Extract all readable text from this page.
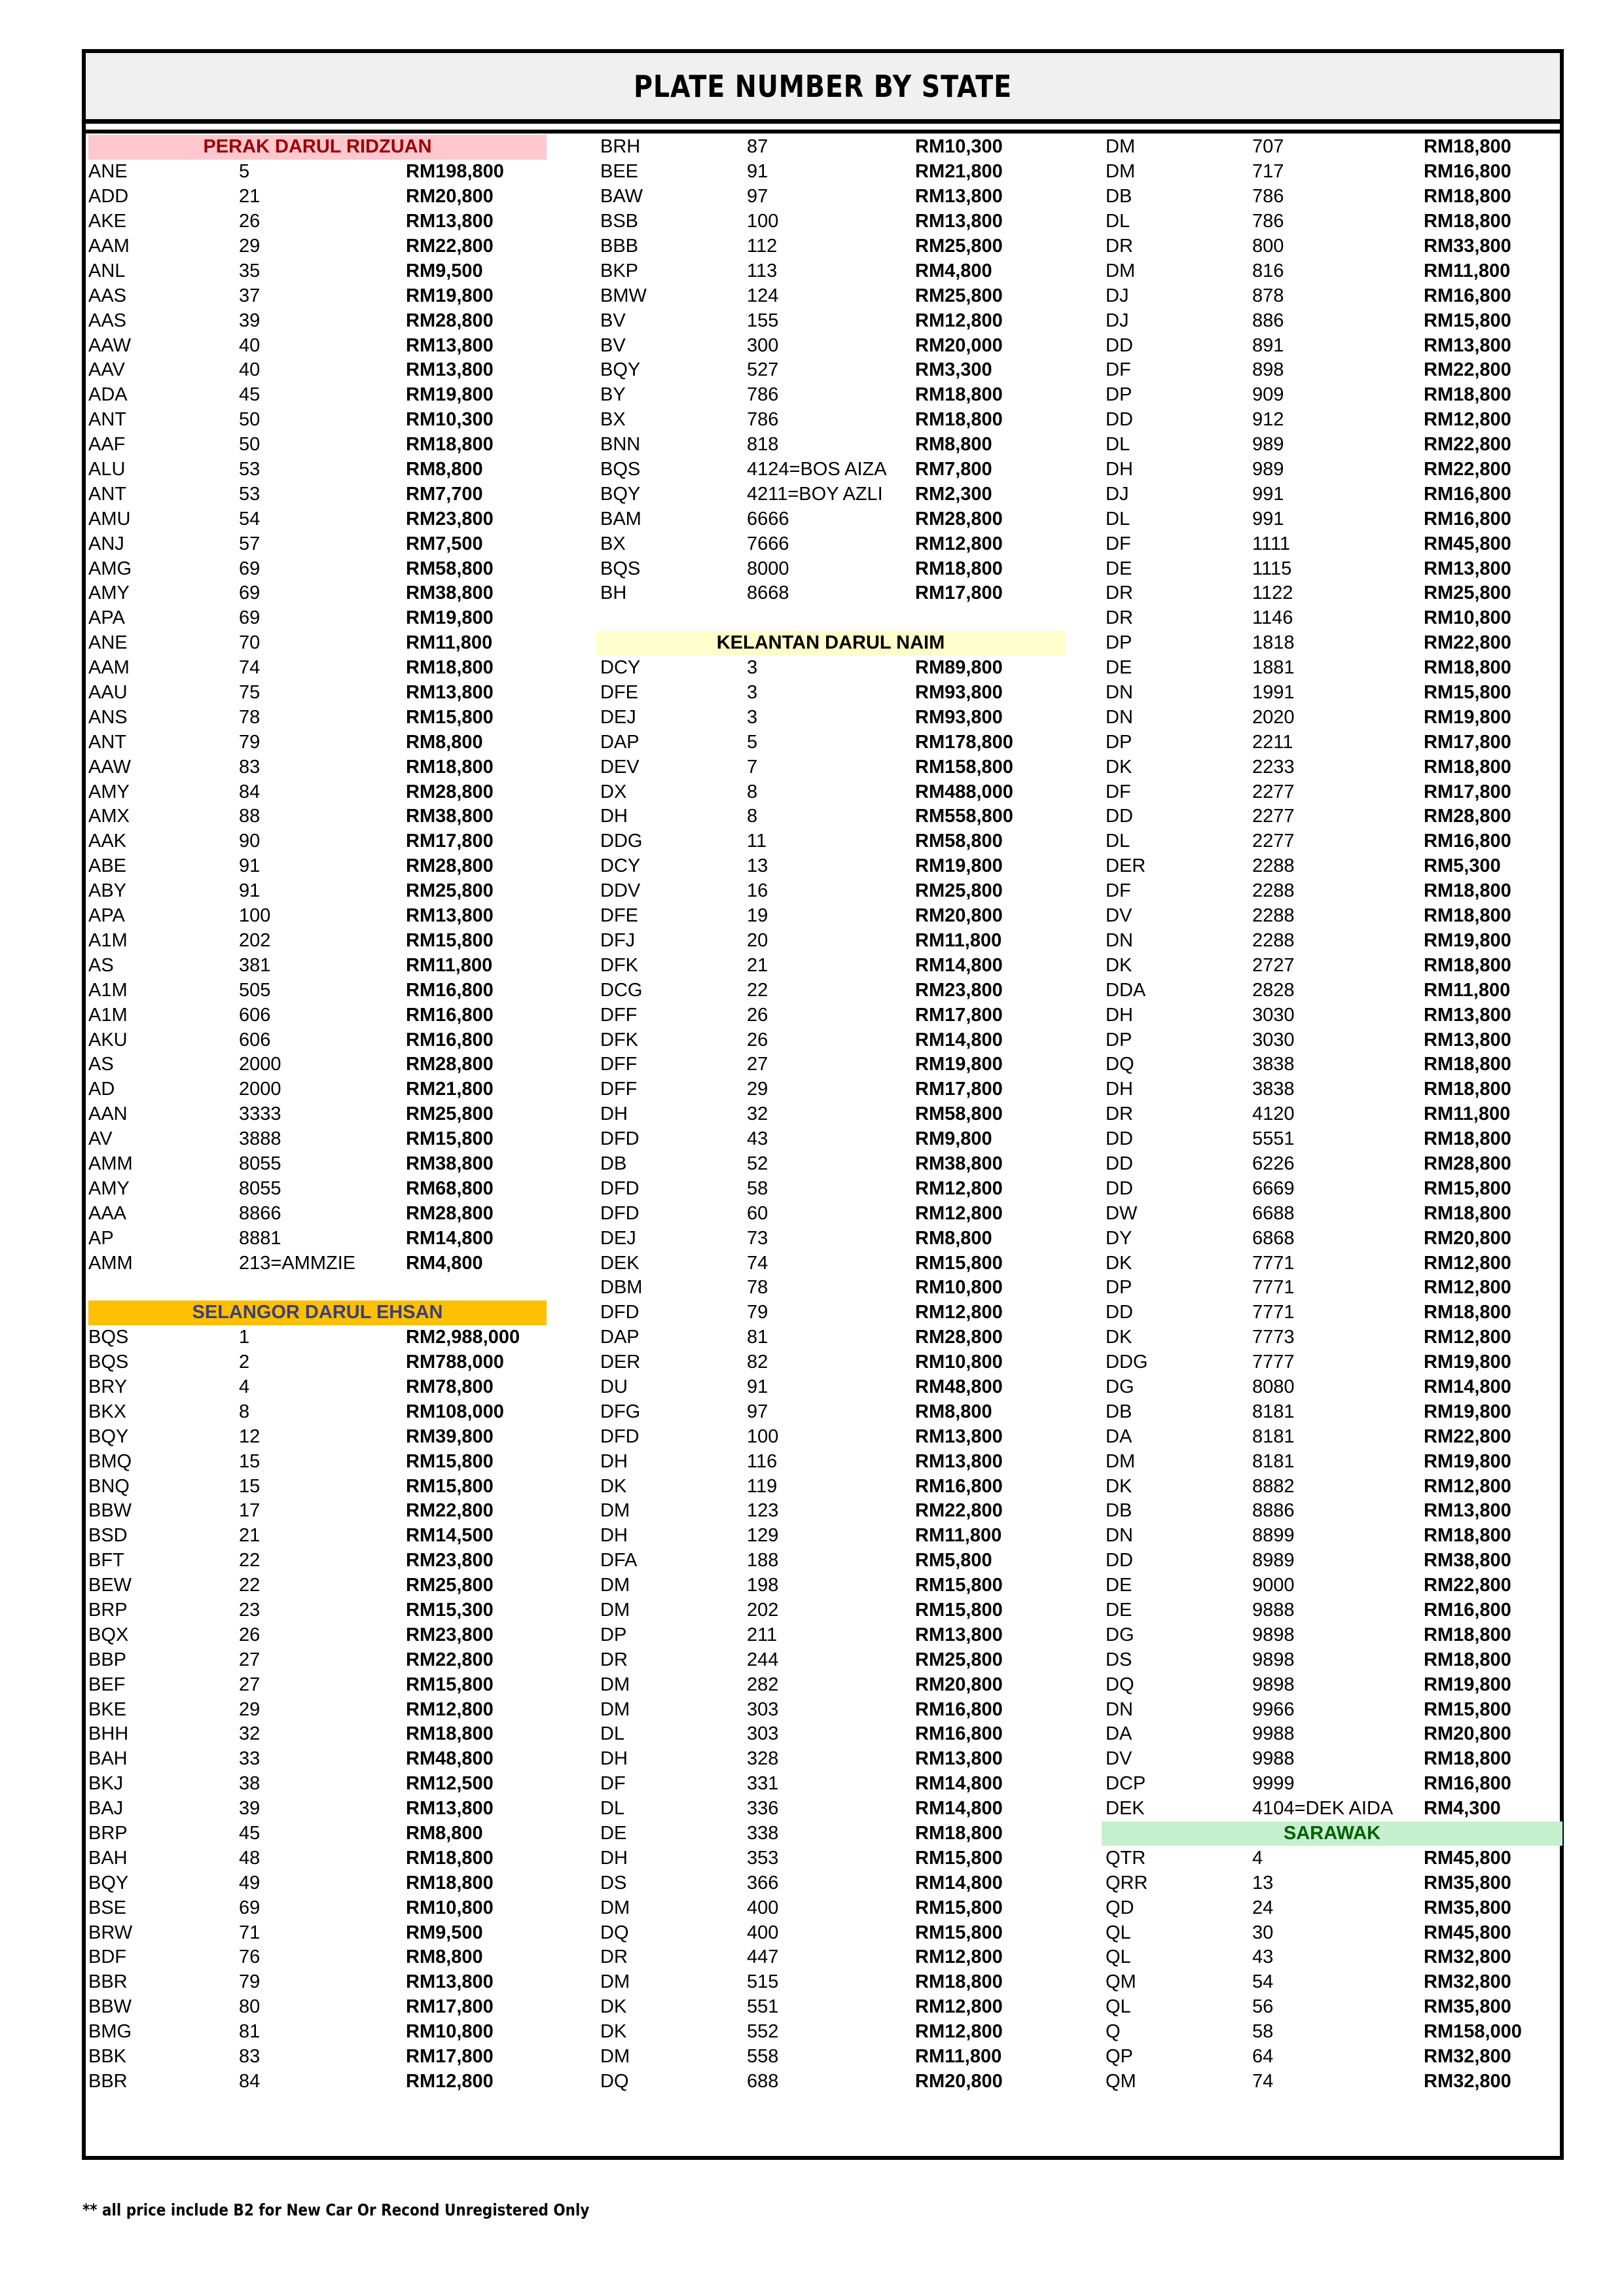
PLATE NUMBER BY STATE
PERAK DARUL RIDZUAN
ANE	5	RM198,800
ADD	21	RM20,800
AKE	26	RM13,800
AAM	29	RM22,800
ANL	35	RM9,500
AAS	37	RM19,800
AAS	39	RM28,800
AAW	40	RM13,800
AAV	40	RM13,800
ADA	45	RM19,800
ANT	50	RM10,300
AAF	50	RM18,800
ALU	53	RM8,800
ANT	53	RM7,700
AMU	54	RM23,800
ANJ	57	RM7,500
AMG	69	RM58,800
AMY	69	RM38,800
APA	69	RM19,800
ANE	70	RM11,800
AAM	74	RM18,800
AAU	75	RM13,800
ANS	78	RM15,800
ANT	79	RM8,800
AAW	83	RM18,800
AMY	84	RM28,800
AMX	88	RM38,800
AAK	90	RM17,800
ABE	91	RM28,800
ABY	91	RM25,800
APA	100	RM13,800
A1M	202	RM15,800
AS	381	RM11,800
A1M	505	RM16,800
A1M	606	RM16,800
AKU	606	RM16,800
AS	2000	RM28,800
AD	2000	RM21,800
AAN	3333	RM25,800
AV	3888	RM15,800
AMM	8055	RM38,800
AMY	8055	RM68,800
AAA	8866	RM28,800
AP	8881	RM14,800
AMM	213=AMMZIE	RM4,800
SELANGOR DARUL EHSAN
BQS	1	RM2,988,000
BQS	2	RM788,000
BRY	4	RM78,800
BKX	8	RM108,000
BQY	12	RM39,800
BMQ	15	RM15,800
BNQ	15	RM15,800
BBW	17	RM22,800
BSD	21	RM14,500
BFT	22	RM23,800
BEW	22	RM25,800
BRP	23	RM15,300
BQX	26	RM23,800
BBP	27	RM22,800
BEF	27	RM15,800
BKE	29	RM12,800
BHH	32	RM18,800
BAH	33	RM48,800
BKJ	38	RM12,500
BAJ	39	RM13,800
BRP	45	RM8,800
BAH	48	RM18,800
BQY	49	RM18,800
BSE	69	RM10,800
BRW	71	RM9,500
BDF	76	RM8,800
BBR	79	RM13,800
BBW	80	RM17,800
BMG	81	RM10,800
BBK	83	RM17,800
BBR	84	RM12,800
BRH	87	RM10,300
BEE	91	RM21,800
BAW	97	RM13,800
BSB	100	RM13,800
BBB	112	RM25,800
BKP	113	RM4,800
BMW	124	RM25,800
BV	155	RM12,800
BV	300	RM20,000
BQY	527	RM3,300
BY	786	RM18,800
BX	786	RM18,800
BNN	818	RM8,800
BQS	4124=BOS AIZA	RM7,800
BQY	4211=BOY AZLI	RM2,300
BAM	6666	RM28,800
BX	7666	RM12,800
BQS	8000	RM18,800
BH	8668	RM17,800
KELANTAN DARUL NAIM
DCY	3	RM89,800
DFE	3	RM93,800
DEJ	3	RM93,800
DAP	5	RM178,800
DEV	7	RM158,800
DX	8	RM488,000
DH	8	RM558,800
DDG	11	RM58,800
DCY	13	RM19,800
DDV	16	RM25,800
DFE	19	RM20,800
DFJ	20	RM11,800
DFK	21	RM14,800
DCG	22	RM23,800
DFF	26	RM17,800
DFK	26	RM14,800
DFF	27	RM19,800
DFF	29	RM17,800
DH	32	RM58,800
DFD	43	RM9,800
DB	52	RM38,800
DFD	58	RM12,800
DFD	60	RM12,800
DEJ	73	RM8,800
DEK	74	RM15,800
DBM	78	RM10,800
DFD	79	RM12,800
DAP	81	RM28,800
DER	82	RM10,800
DU	91	RM48,800
DFG	97	RM8,800
DFD	100	RM13,800
DH	116	RM13,800
DK	119	RM16,800
DM	123	RM22,800
DH	129	RM11,800
DFA	188	RM5,800
DM	198	RM15,800
DM	202	RM15,800
DP	211	RM13,800
DR	244	RM25,800
DM	282	RM20,800
DM	303	RM16,800
DL	303	RM16,800
DH	328	RM13,800
DF	331	RM14,800
DL	336	RM14,800
DE	338	RM18,800
DH	353	RM15,800
DS	366	RM14,800
DM	400	RM15,800
DQ	400	RM15,800
DR	447	RM12,800
DM	515	RM18,800
DK	551	RM12,800
DK	552	RM12,800
DM	558	RM11,800
DQ	688	RM20,800
DM	707	RM18,800
DM	717	RM16,800
DB	786	RM18,800
DL	786	RM18,800
DR	800	RM33,800
DM	816	RM11,800
DJ	878	RM16,800
DJ	886	RM15,800
DD	891	RM13,800
DF	898	RM22,800
DP	909	RM18,800
DD	912	RM12,800
DL	989	RM22,800
DH	989	RM22,800
DJ	991	RM16,800
DL	991	RM16,800
DF	1111	RM45,800
DE	1115	RM13,800
DR	1122	RM25,800
DR	1146	RM10,800
DP	1818	RM22,800
DE	1881	RM18,800
DN	1991	RM15,800
DN	2020	RM19,800
DP	2211	RM17,800
DK	2233	RM18,800
DF	2277	RM17,800
DD	2277	RM28,800
DL	2277	RM16,800
DER	2288	RM5,300
DF	2288	RM18,800
DV	2288	RM18,800
DN	2288	RM19,800
DK	2727	RM18,800
DDA	2828	RM11,800
DH	3030	RM13,800
DP	3030	RM13,800
DQ	3838	RM18,800
DH	3838	RM18,800
DR	4120	RM11,800
DD	5551	RM18,800
DD	6226	RM28,800
DD	6669	RM15,800
DW	6688	RM18,800
DY	6868	RM20,800
DK	7771	RM12,800
DP	7771	RM12,800
DD	7771	RM18,800
DK	7773	RM12,800
DDG	7777	RM19,800
DG	8080	RM14,800
DB	8181	RM19,800
DA	8181	RM22,800
DM	8181	RM19,800
DK	8882	RM12,800
DB	8886	RM13,800
DN	8899	RM18,800
DD	8989	RM38,800
DE	9000	RM22,800
DE	9888	RM16,800
DG	9898	RM18,800
DS	9898	RM18,800
DQ	9898	RM19,800
DN	9966	RM15,800
DA	9988	RM20,800
DV	9988	RM18,800
DCP	9999	RM16,800
DEK	4104=DEK AIDA	RM4,300
SARAWAK
QTR	4	RM45,800
QRR	13	RM35,800
QD	24	RM35,800
QL	30	RM45,800
QL	43	RM32,800
QM	54	RM32,800
QL	56	RM35,800
Q	58	RM158,000
QP	64	RM32,800
QM	74	RM32,800
** all price include B2 for New Car Or Recond Unregistered Only
